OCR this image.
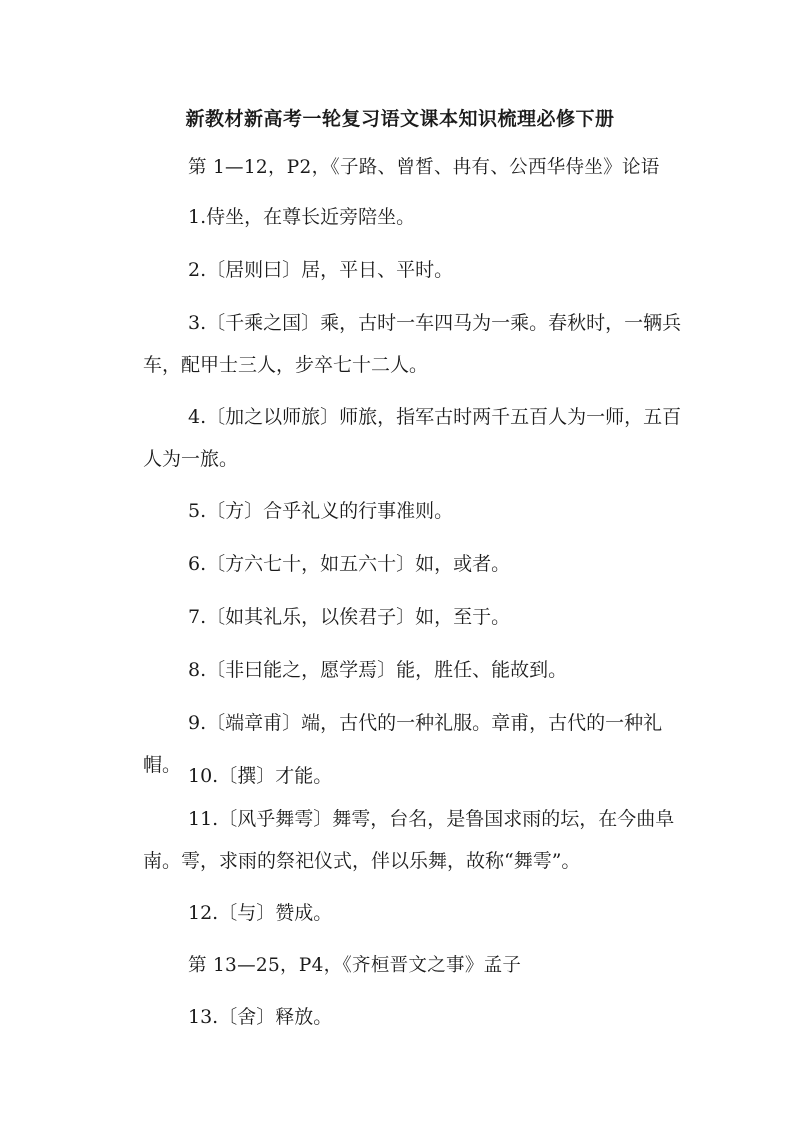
新教材新高考一轮复习语文课本知识梳理必修下册

第 1—12，P2，《子路、曾皙、冉有、公西华侍坐》论语

1.侍坐，在尊长近旁陪坐。

2.〔居则曰〕居，平日、平时。

3.〔千乘之国〕乘，古时一车四马为一乘。春秋时，一辆兵车，配甲士三人，步卒七十二人。

4.〔加之以师旅〕师旅，指军古时两千五百人为一师，五百人为一旅。

5.〔方〕合乎礼义的行事准则。

6.〔方六七十，如五六十〕如，或者。

7.〔如其礼乐，以俟君子〕如，至于。

8.〔非曰能之，愿学焉〕能，胜任、能故到。

9.〔端章甫〕端，古代的一种礼服。章甫，古代的一种礼帽。 10.〔撰〕才能。

11.〔风乎舞雩〕舞雩，台名，是鲁国求雨的坛，在今曲阜南。雩，求雨的祭祀仪式，伴以乐舞，故称“舞雩”。

12.〔与〕赞成。

第 13—25，P4，《齐桓晋文之事》孟子

13.〔舍〕释放。
